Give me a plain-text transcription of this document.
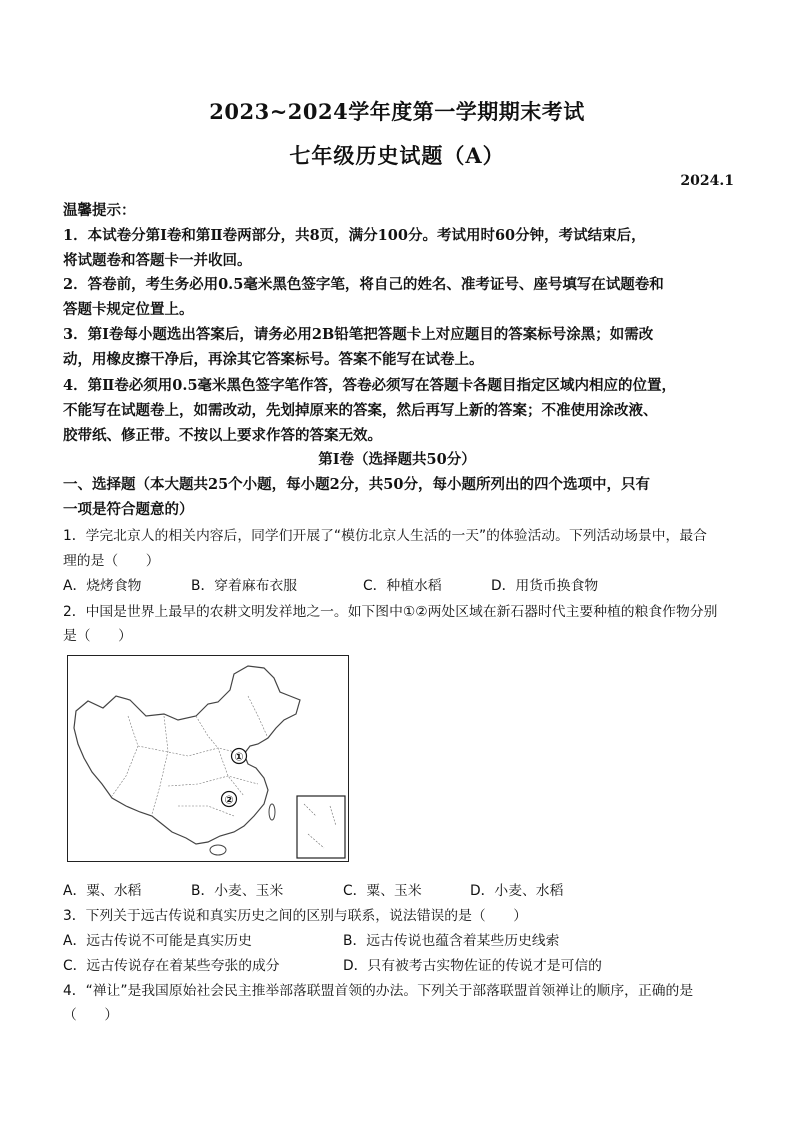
2023~2024学年度第一学期期末考试
七年级历史试题（A）
2024.1
温馨提示：
1．本试卷分第Ⅰ卷和第Ⅱ卷两部分，共8页，满分100分。考试用时60分钟，考试结束后，
将试题卷和答题卡一并收回。
2．答卷前，考生务必用0.5毫米黑色签字笔，将自己的姓名、准考证号、座号填写在试题卷和
答题卡规定位置上。
3．第Ⅰ卷每小题选出答案后，请务必用2B铅笔把答题卡上对应题目的答案标号涂黑；如需改
动，用橡皮擦干净后，再涂其它答案标号。答案不能写在试卷上。
4．第Ⅱ卷必须用0.5毫米黑色签字笔作答，答卷必须写在答题卡各题目指定区域内相应的位置，
不能写在试题卷上，如需改动，先划掉原来的答案，然后再写上新的答案；不准使用涂改液、
胶带纸、修正带。不按以上要求作答的答案无效。
第Ⅰ卷（选择题共50分）
一、选择题（本大题共25个小题，每小题2分，共50分，每小题所列出的四个选项中，只有
一项是符合题意的）
1．学完北京人的相关内容后，同学们开展了“模仿北京人生活的一天”的体验活动。下列活动场景中，最合
理的是（　　）
A．烧烤食物	B．穿着麻布衣服	C．种植水稻	D．用货币换食物
2．中国是世界上最早的农耕文明发祥地之一。如下图中①②两处区域在新石器时代主要种植的粮食作物分别
是（　　）
①
②
A．粟、水稻	B．小麦、玉米	C．粟、玉米	D．小麦、水稻
3．下列关于远古传说和真实历史之间的区别与联系，说法错误的是（　　）
A．远古传说不可能是真实历史	B．远古传说也蕴含着某些历史线索
C．远古传说存在着某些夸张的成分	D．只有被考古实物佐证的传说才是可信的
4．“禅让”是我国原始社会民主推举部落联盟首领的办法。下列关于部落联盟首领禅让的顺序，正确的是
（　　）
